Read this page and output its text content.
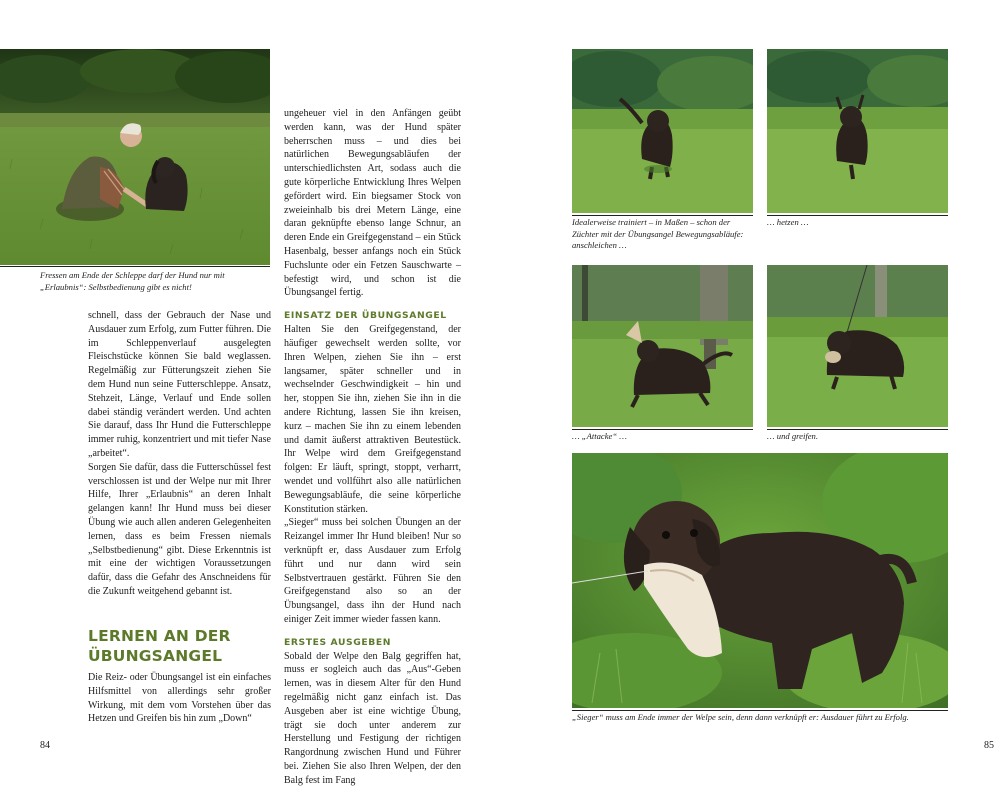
Fressen am Ende der Schleppe darf der Hund nur mit „Erlaubnis“: Selbstbedienung gibt es nicht!

schnell, dass der Gebrauch der Nase und Ausdauer zum Erfolg, zum Futter führen. Die im Schleppenverlauf ausgelegten Fleischstücke können Sie bald weglassen. Regelmäßig zur Fütterungszeit ziehen Sie dem Hund nun seine Futterschleppe. Ansatz, Stehzeit, Länge, Verlauf und Ende sollen dabei ständig verändert werden. Und achten Sie darauf, dass Ihr Hund die Futterschleppe immer ruhig, konzentriert und mit tiefer Nase „arbeitet“.

Sorgen Sie dafür, dass die Futterschüssel fest verschlossen ist und der Welpe nur mit Ihrer Hilfe, Ihrer „Erlaubnis“ an deren Inhalt gelangen kann! Ihr Hund muss bei dieser Übung wie auch allen anderen Gelegenheiten lernen, dass es beim Fressen niemals „Selbstbedienung“ gibt. Diese Erkenntnis ist mit eine der wichtigen Voraussetzungen dafür, dass die Gefahr des Anschneidens für die Zukunft weitgehend gebannt ist.

LERNEN AN DER ÜBUNGSANGEL

Die Reiz- oder Übungsangel ist ein einfaches Hilfsmittel von allerdings sehr großer Wirkung, mit dem vom Vorstehen über das Hetzen und Greifen bis hin zum „Down“

ungeheuer viel in den Anfängen geübt werden kann, was der Hund später beherrschen muss – und dies bei natürlichen Bewegungsabläufen der unterschiedlichsten Art, sodass auch die gute körperliche Entwicklung Ihres Welpen gefördert wird. Ein biegsamer Stock von zweieinhalb bis drei Metern Länge, eine daran geknüpfte ebenso lange Schnur, an deren Ende ein Greifgegenstand – ein Stück Hasenbalg, besser anfangs noch ein Stück Fuchslunte oder ein Fetzen Sauschwarte – befestigt wird, und schon ist die Übungsangel fertig.

EINSATZ DER ÜBUNGSANGEL

Halten Sie den Greifgegenstand, der häufiger gewechselt werden sollte, vor Ihren Welpen, ziehen Sie ihn – erst langsamer, später schneller und in wechselnder Geschwindigkeit – hin und her, stoppen Sie ihn, ziehen Sie ihn in die andere Richtung, lassen Sie ihn kreisen, kurz – machen Sie ihn zu einem lebenden und damit äußerst attraktiven Beutestück. Ihr Welpe wird dem Greifgegenstand folgen: Er läuft, springt, stoppt, verharrt, wendet und vollführt also alle natürlichen Bewegungsabläufe, die seine körperliche Konstitution stärken.

„Sieger“ muss bei solchen Übungen an der Reizangel immer Ihr Hund bleiben! Nur so verknüpft er, dass Ausdauer zum Erfolg führt und nur dann wird sein Selbstvertrauen gestärkt. Führen Sie den Greifgegenstand also so an der Übungsangel, dass ihn der Hund nach einiger Zeit immer wieder fassen kann.

ERSTES AUSGEBEN

Sobald der Welpe den Balg gegriffen hat, muss er sogleich auch das „Aus“-Geben lernen, was in diesem Alter für den Hund regelmäßig nicht ganz einfach ist. Das Ausgeben aber ist eine wichtige Übung, trägt sie doch unter anderem zur Herstellung und Festigung der richtigen Rangordnung zwischen Hund und Führer bei. Ziehen Sie also Ihren Welpen, der den Balg fest im Fang

84

Idealerweise trainiert – in Maßen – schon der Züchter mit der Übungsangel Bewegungsabläufe: anschleichen …

… hetzen …

… „Attacke“ …	… und greifen.

„Sieger“ muss am Ende immer der Welpe sein, denn dann verknüpft er: Ausdauer führt zu Erfolg.

85
